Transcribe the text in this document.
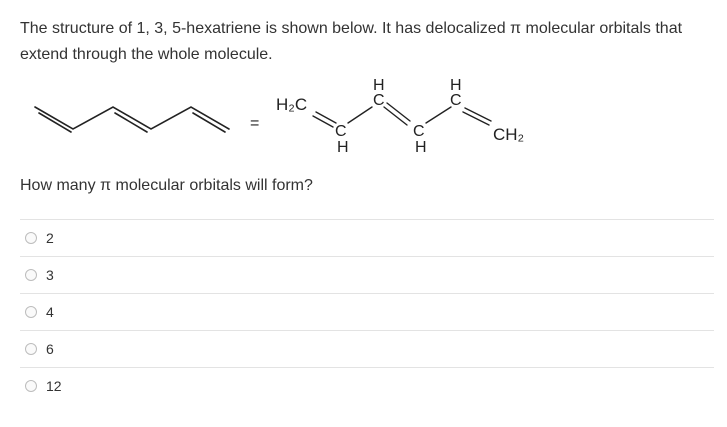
The structure of 1, 3, 5-hexatriene is shown below. It has delocalized π molecular orbitals that extend through the whole molecule.

=
H₂C
C
H
H
C
C
H
H
C
CH₂

How many π molecular orbitals will form?

2
3
4
6
12
